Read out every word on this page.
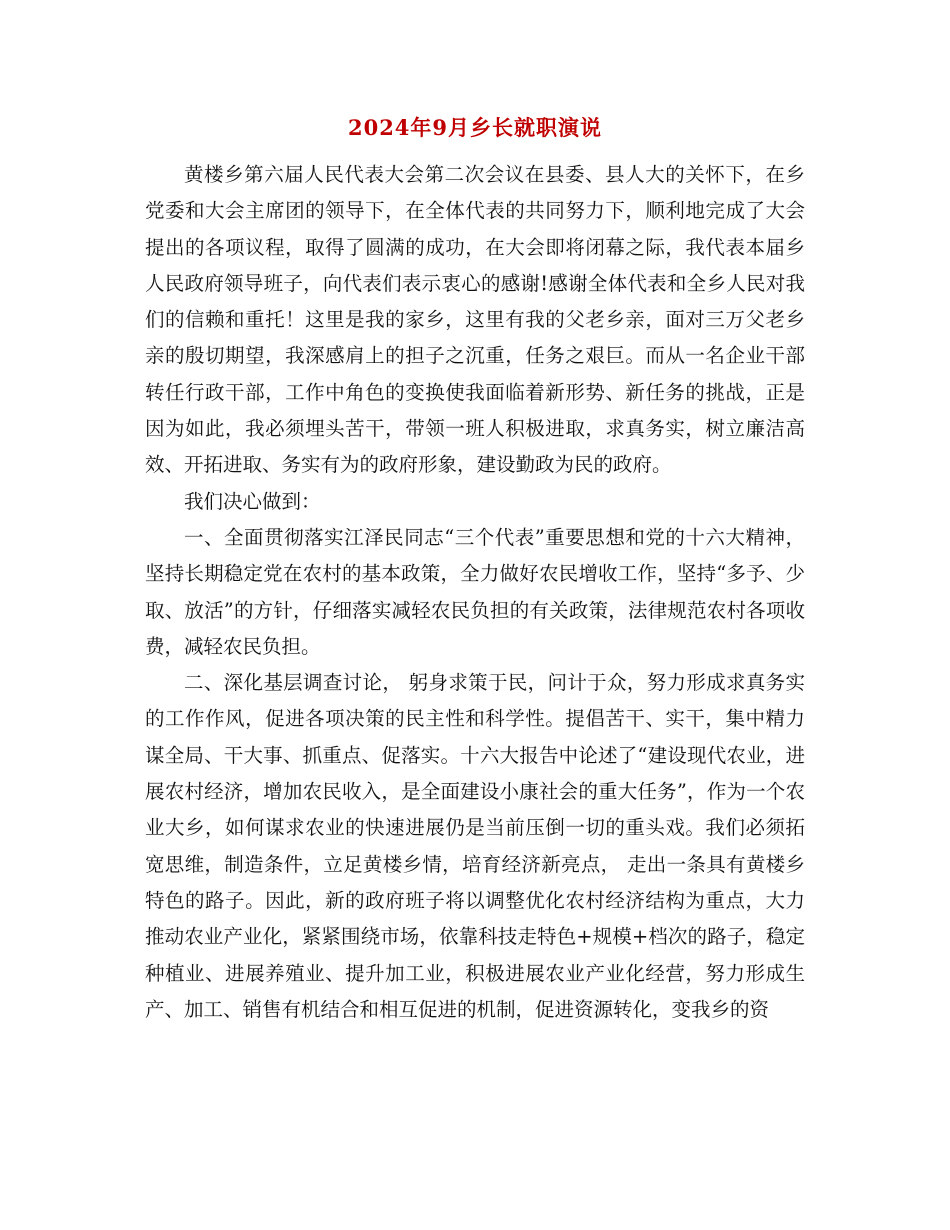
2024年9月乡长就职演说

黄楼乡第六届人民代表大会第二次会议在县委、县人大的关怀下，在乡党委和大会主席团的领导下，在全体代表的共同努力下，顺利地完成了大会提出的各项议程，取得了圆满的成功，在大会即将闭幕之际，我代表本届乡人民政府领导班子，向代表们表示衷心的感谢!感谢全体代表和全乡人民对我们的信赖和重托！这里是我的家乡，这里有我的父老乡亲，面对三万父老乡亲的殷切期望，我深感肩上的担子之沉重，任务之艰巨。而从一名企业干部转任行政干部，工作中角色的变换使我面临着新形势、新任务的挑战，正是因为如此，我必须埋头苦干，带领一班人积极进取，求真务实，树立廉洁高效、开拓进取、务实有为的政府形象，建设勤政为民的政府。

我们决心做到：

一、全面贯彻落实江泽民同志“三个代表”重要思想和党的十六大精神，坚持长期稳定党在农村的基本政策，全力做好农民增收工作，坚持“多予、少取、放活”的方针，仔细落实减轻农民负担的有关政策，法律规范农村各项收费，减轻农民负担。

二、深化基层调查讨论， 躬身求策于民，问计于众，努力形成求真务实的工作作风，促进各项决策的民主性和科学性。提倡苦干、实干，集中精力谋全局、干大事、抓重点、促落实。十六大报告中论述了“建设现代农业，进展农村经济，增加农民收入，是全面建设小康社会的重大任务”，作为一个农业大乡，如何谋求农业的快速进展仍是当前压倒一切的重头戏。我们必须拓宽思维，制造条件，立足黄楼乡情，培育经济新亮点， 走出一条具有黄楼乡特色的路子。因此，新的政府班子将以调整优化农村经济结构为重点，大力推动农业产业化，紧紧围绕市场，依靠科技走特色+规模+档次的路子，稳定种植业、进展养殖业、提升加工业，积极进展农业产业化经营，努力形成生产、加工、销售有机结合和相互促进的机制，促进资源转化，变我乡的资
